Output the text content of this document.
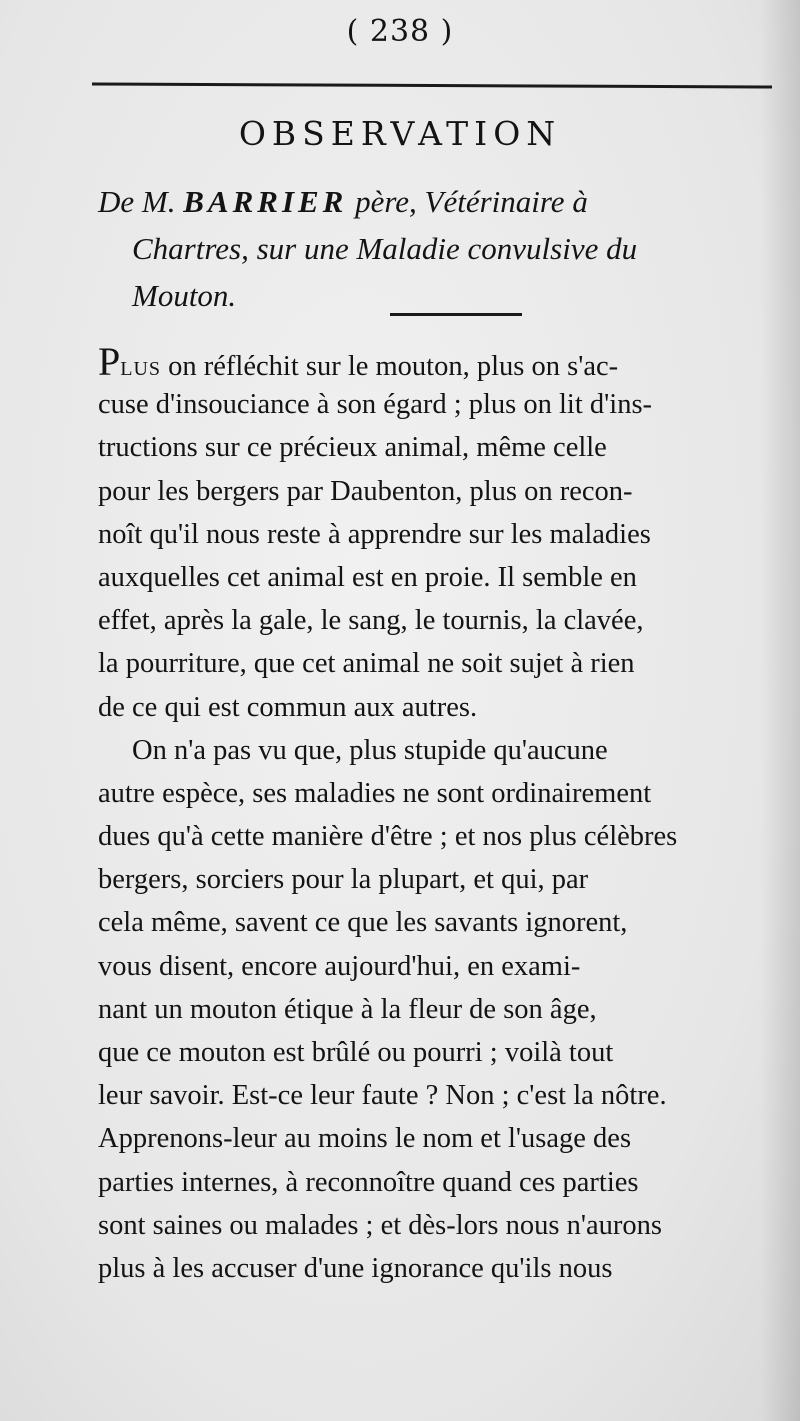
( 238 )
OBSERVATION
De M. BARRIER père, Vétérinaire à
Chartres, sur une Maladie convulsive du
Mouton.
PLUS on réfléchit sur le mouton, plus on s'ac-
cuse d'insouciance à son égard ; plus on lit d'ins-
tructions sur ce précieux animal, même celle
pour les bergers par Daubenton, plus on recon-
noît qu'il nous reste à apprendre sur les maladies
auxquelles cet animal est en proie. Il semble en
effet, après la gale, le sang, le tournis, la clavée,
la pourriture, que cet animal ne soit sujet à rien
de ce qui est commun aux autres.
On n'a pas vu que, plus stupide qu'aucune
autre espèce, ses maladies ne sont ordinairement
dues qu'à cette manière d'être ; et nos plus célèbres
bergers, sorciers pour la plupart, et qui, par
cela même, savent ce que les savants ignorent,
vous disent, encore aujourd'hui, en exami-
nant un mouton étique à la fleur de son âge,
que ce mouton est brûlé ou pourri ; voilà tout
leur savoir. Est-ce leur faute ? Non ; c'est la nôtre.
Apprenons-leur au moins le nom et l'usage des
parties internes, à reconnoître quand ces parties
sont saines ou malades ; et dès-lors nous n'aurons
plus à les accuser d'une ignorance qu'ils nous
